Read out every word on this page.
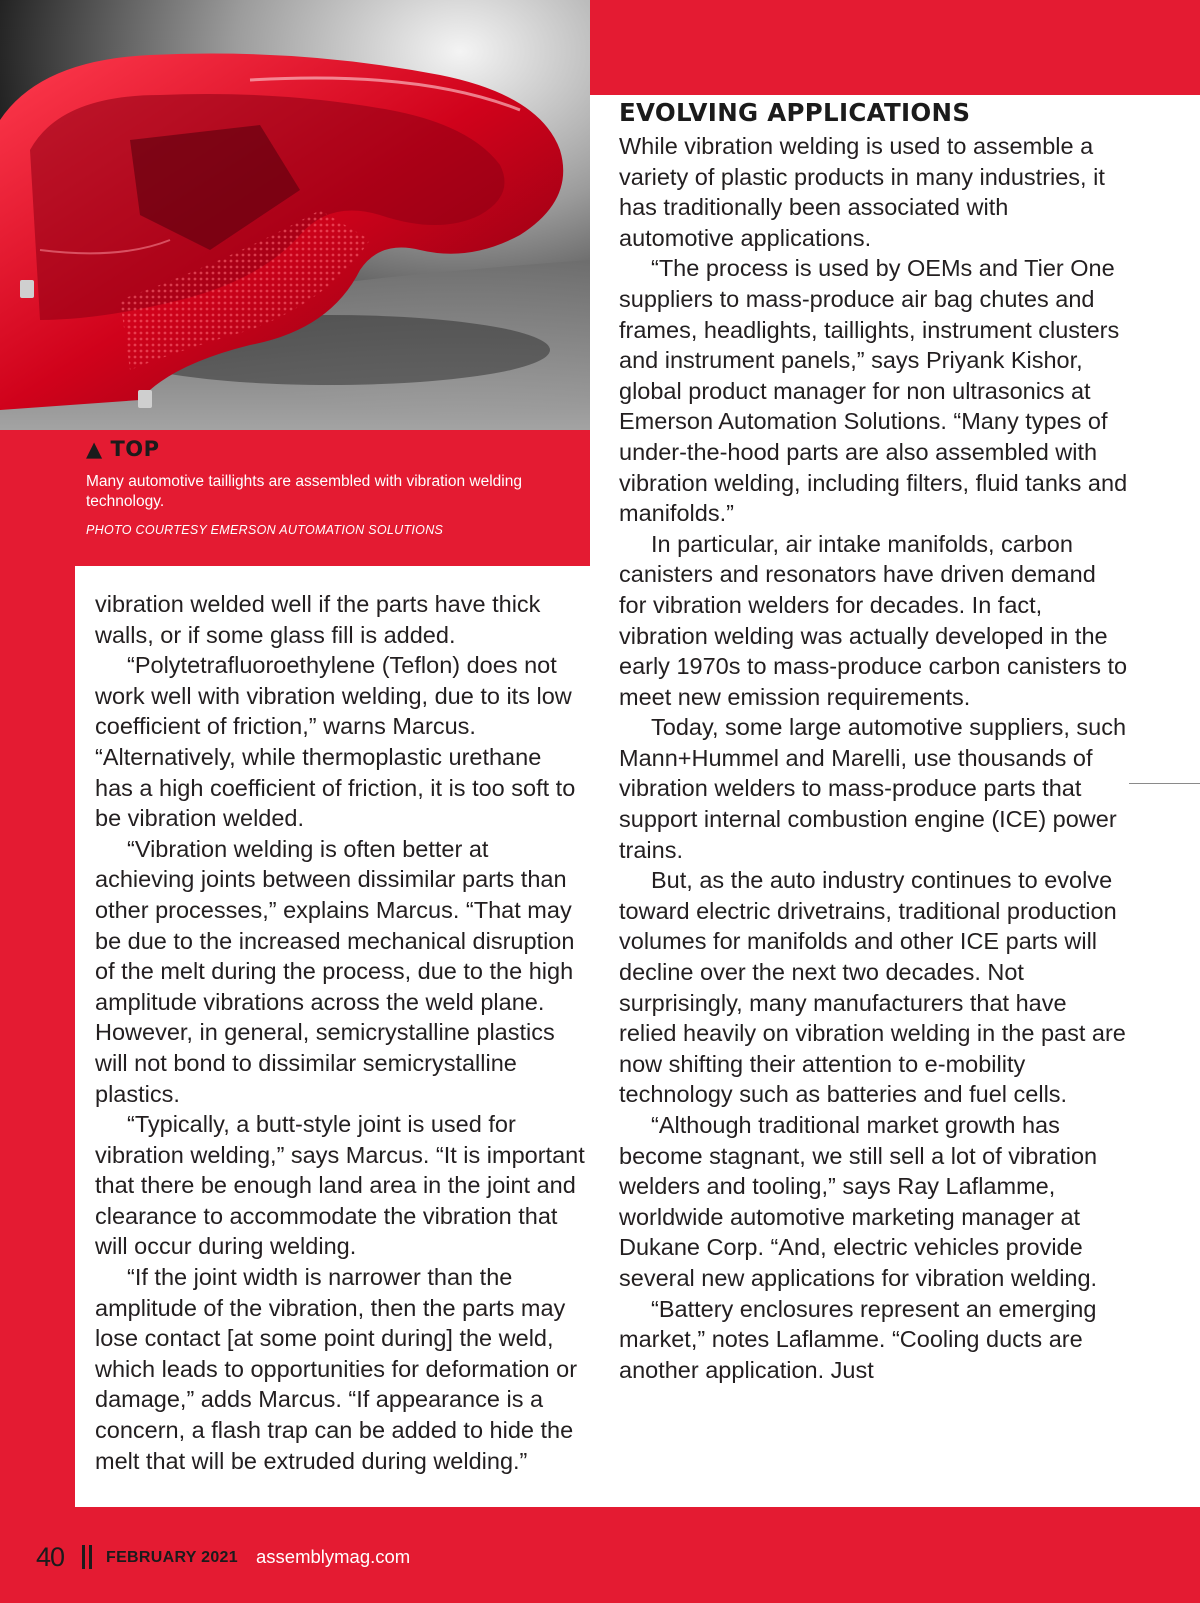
▲ TOP
Many automotive taillights are assembled with vibration welding technology.
PHOTO COURTESY EMERSON AUTOMATION SOLUTIONS

vibration welded well if the parts have thick walls, or if some glass fill is added.

“Polytetrafluoroethylene (Teflon) does not work well with vibration welding, due to its low coefficient of friction,” warns Marcus. “Alternatively, while thermoplastic urethane has a high coefficient of friction, it is too soft to be vibration welded.

“Vibration welding is often better at achieving joints between dissimilar parts than other processes,” explains Marcus. “That may be due to the increased mechanical disruption of the melt during the process, due to the high amplitude vibrations across the weld plane. However, in general, semicrystalline plastics will not bond to dissimilar semicrystalline plastics.

“Typically, a butt-style joint is used for vibration welding,” says Marcus. “It is important that there be enough land area in the joint and clearance to accommodate the vibration that will occur during welding.

“If the joint width is narrower than the amplitude of the vibration, then the parts may lose contact [at some point during] the weld, which leads to opportunities for deformation or damage,” adds Marcus. “If appearance is a concern, a flash trap can be added to hide the melt that will be extruded during welding.”

EVOLVING APPLICATIONS

While vibration welding is used to assemble a variety of plastic products in many industries, it has traditionally been associated with automotive applications.

“The process is used by OEMs and Tier One suppliers to mass-produce air bag chutes and frames, headlights, taillights, instrument clusters and instrument panels,” says Priyank Kishor, global product manager for non ultrasonics at Emerson Automation Solutions. “Many types of under-the-hood parts are also assembled with vibration welding, including filters, fluid tanks and manifolds.”

In particular, air intake manifolds, carbon canisters and resonators have driven demand for vibration welders for decades. In fact, vibration welding was actually developed in the early 1970s to mass-produce carbon canisters to meet new emission requirements.

Today, some large automotive suppliers, such Mann+Hummel and Marelli, use thousands of vibration welders to mass-produce parts that support internal combustion engine (ICE) power trains.

But, as the auto industry continues to evolve toward electric drivetrains, traditional production volumes for manifolds and other ICE parts will decline over the next two decades. Not surprisingly, many manufacturers that have relied heavily on vibration welding in the past are now shifting their attention to e-mobility technology such as batteries and fuel cells.

“Although traditional market growth has become stagnant, we still sell a lot of vibration welders and tooling,” says Ray Laflamme, worldwide automotive marketing manager at Dukane Corp. “And, electric vehicles provide several new applications for vibration welding.

“Battery enclosures represent an emerging market,” notes Laflamme. “Cooling ducts are another application. Just

40	FEBRUARY 2021 assemblymag.com
